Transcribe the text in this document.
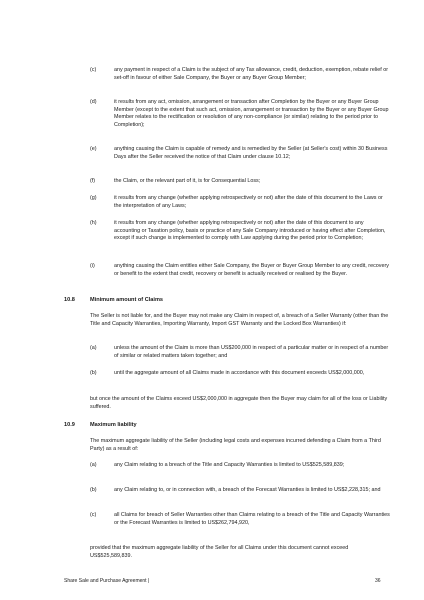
(c)	any payment in respect of a Claim is the subject of any Tax allowance, credit, deduction, exemption, rebate relief or set-off in favour of either Sale Company, the Buyer or any Buyer Group Member;
(d)	it results from any act, omission, arrangement or transaction after Completion by the Buyer or any Buyer Group Member (except to the extent that such act, omission, arrangement or transaction by the Buyer or any Buyer Group Member relates to the rectification or resolution of any non-compliance (or similar) relating to the period prior to Completion);
(e)	anything causing the Claim is capable of remedy and is remedied by the Seller (at Seller's cost) within 30 Business Days after the Seller received the notice of that Claim under clause 10.12;
(f)	the Claim, or the relevant part of it, is for Consequential Loss;
(g)	it results from any change (whether applying retrospectively or not) after the date of this document to the Laws or the interpretation of any Laws;
(h)	it results from any change (whether applying retrospectively or not) after the date of this document to any accounting or Taxation policy, basis or practice of any Sale Company introduced or having effect after Completion, except if such change is implemented to comply with Law applying during the period prior to Completion;
(i)	anything causing the Claim entitles either Sale Company, the Buyer or Buyer Group Member to any credit, recovery or benefit to the extent that credit, recovery or benefit is actually received or realised by the Buyer.
10.8	Minimum amount of Claims
The Seller is not liable for, and the Buyer may not make any Claim in respect of, a breach of a Seller Warranty (other than the Title and Capacity Warranties, Importing Warranty, Import GST Warranty and the Locked Box Warranties) if:
(a)	unless the amount of the Claim is more than US$200,000 in respect of a particular matter or in respect of a number of similar or related matters taken together; and
(b)	until the aggregate amount of all Claims made in accordance with this document exceeds US$2,000,000,
but once the amount of the Claims exceed US$2,000,000 in aggregate then the Buyer may claim for all of the loss or Liability suffered.
10.9	Maximum liability
The maximum aggregate liability of the Seller (including legal costs and expenses incurred defending a Claim from a Third Party) as a result of:
(a)	any Claim relating to a breach of the Title and Capacity Warranties is limited to US$525,589,839;
(b)	any Claim relating to, or in connection with, a breach of the Forecast Warranties is limited to US$2,228,315; and
(c)	all Claims for breach of Seller Warranties other than Claims relating to a breach of the Title and Capacity Warranties or the Forecast Warranties is limited to US$262,794,920,
provided that the maximum aggregate liability of the Seller for all Claims under this document cannot exceed US$525,589,839.
Share Sale and Purchase Agreement |	36
